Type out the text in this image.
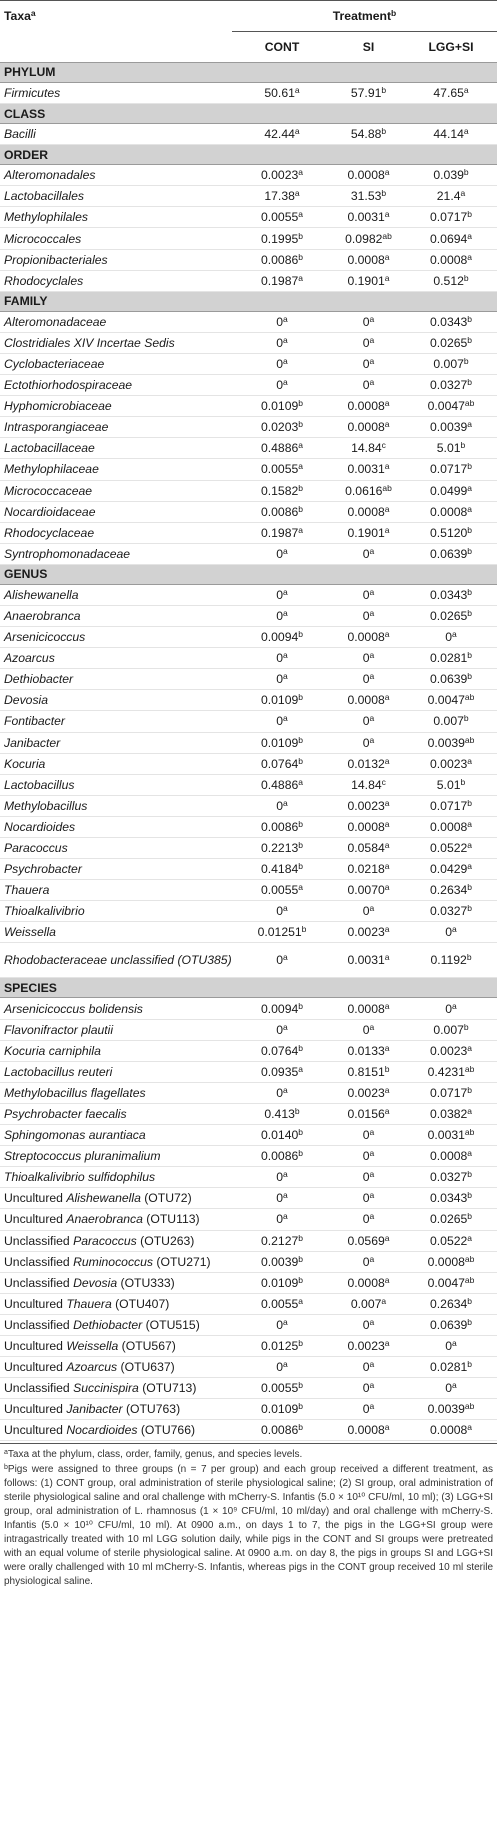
Taxa$^a$	Treatment$^b$
	CONT	SI	LGG+SI
PHYLUM			
Firmicutes	50.61$^a$	57.91$^b$	47.65$^a$
CLASS			
Bacilli	42.44$^a$	54.88$^b$	44.14$^a$
ORDER			
Alteromonadales	0.0023$^a$	0.0008$^a$	0.039$^b$
Lactobacillales	17.38$^a$	31.53$^b$	21.4$^a$
Methylophilales	0.0055$^a$	0.0031$^a$	0.0717$^b$
Micrococcales	0.1995$^b$	0.0982$^{ab}$	0.0694$^a$
Propionibacteriales	0.0086$^b$	0.0008$^a$	0.0008$^a$
Rhodocyclales	0.1987$^a$	0.1901$^a$	0.512$^b$
FAMILY			
Alteromonadaceae	0$^a$	0$^a$	0.0343$^b$
Clostridiales XIV Incertae Sedis	0$^a$	0$^a$	0.0265$^b$
Cyclobacteriaceae	0$^a$	0$^a$	0.007$^b$
Ectothiorhodospiraceae	0$^a$	0$^a$	0.0327$^b$
Hyphomicrobiaceae	0.0109$^b$	0.0008$^a$	0.0047$^{ab}$
Intrasporangiaceae	0.0203$^b$	0.0008$^a$	0.0039$^a$
Lactobacillaceae	0.4886$^a$	14.84$^c$	5.01$^b$
Methylophilaceae	0.0055$^a$	0.0031$^a$	0.0717$^b$
Micrococcaceae	0.1582$^b$	0.0616$^{ab}$	0.0499$^a$
Nocardioidaceae	0.0086$^b$	0.0008$^a$	0.0008$^a$
Rhodocyclaceae	0.1987$^a$	0.1901$^a$	0.5120$^b$
Syntrophomonadaceae	0$^a$	0$^a$	0.0639$^b$
GENUS			
Alishewanella	0$^a$	0$^a$	0.0343$^b$
Anaerobranca	0$^a$	0$^a$	0.0265$^b$
Arsenicicoccus	0.0094$^b$	0.0008$^a$	0$^a$
Azoarcus	0$^a$	0$^a$	0.0281$^b$
Dethiobacter	0$^a$	0$^a$	0.0639$^b$
Devosia	0.0109$^b$	0.0008$^a$	0.0047$^{ab}$
Fontibacter	0$^a$	0$^a$	0.007$^b$
Janibacter	0.0109$^b$	0$^a$	0.0039$^{ab}$
Kocuria	0.0764$^b$	0.0132$^a$	0.0023$^a$
Lactobacillus	0.4886$^a$	14.84$^c$	5.01$^b$
Methylobacillus	0$^a$	0.0023$^a$	0.0717$^b$
Nocardioides	0.0086$^b$	0.0008$^a$	0.0008$^a$
Paracoccus	0.2213$^b$	0.0584$^a$	0.0522$^a$
Psychrobacter	0.4184$^b$	0.0218$^a$	0.0429$^a$
Thauera	0.0055$^a$	0.0070$^a$	0.2634$^b$
Thioalkalivibrio	0$^a$	0$^a$	0.0327$^b$
Weissella	0.01251$^b$	0.0023$^a$	0$^a$
Rhodobacteraceae unclassified (OTU385)	0$^a$	0.0031$^a$	0.1192$^b$
SPECIES			
Arsenicicoccus bolidensis	0.0094$^b$	0.0008$^a$	0$^a$
Flavonifractor plautii	0$^a$	0$^a$	0.007$^b$
Kocuria carniphila	0.0764$^b$	0.0133$^a$	0.0023$^a$
Lactobacillus reuteri	0.0935$^a$	0.8151$^b$	0.4231$^{ab}$
Methylobacillus flagellates	0$^a$	0.0023$^a$	0.0717$^b$
Psychrobacter faecalis	0.413$^b$	0.0156$^a$	0.0382$^a$
Sphingomonas aurantiaca	0.0140$^b$	0$^a$	0.0031$^{ab}$
Streptococcus pluranimalium	0.0086$^b$	0$^a$	0.0008$^a$
Thioalkalivibrio sulfidophilus	0$^a$	0$^a$	0.0327$^b$
Uncultured Alishewanella (OTU72)	0$^a$	0$^a$	0.0343$^b$
Uncultured Anaerobranca (OTU113)	0$^a$	0$^a$	0.0265$^b$
Unclassified Paracoccus (OTU263)	0.2127$^b$	0.0569$^a$	0.0522$^a$
Unclassified Ruminococcus (OTU271)	0.0039$^b$	0$^a$	0.0008$^{ab}$
Unclassified Devosia (OTU333)	0.0109$^b$	0.0008$^a$	0.0047$^{ab}$
Uncultured Thauera (OTU407)	0.0055$^a$	0.007$^a$	0.2634$^b$
Unclassified Dethiobacter (OTU515)	0$^a$	0$^a$	0.0639$^b$
Uncultured Weissella (OTU567)	0.0125$^b$	0.0023$^a$	0$^a$
Uncultured Azoarcus (OTU637)	0$^a$	0$^a$	0.0281$^b$
Unclassified Succinispira (OTU713)	0.0055$^b$	0$^a$	0$^a$
Uncultured Janibacter (OTU763)	0.0109$^b$	0$^a$	0.0039$^{ab}$
Uncultured Nocardioides (OTU766)	0.0086$^b$	0.0008$^a$	0.0008$^a$

$^a$Taxa at the phylum, class, order, family, genus, and species levels.

$^b$Pigs were assigned to three groups (n = 7 per group) and each group received a different treatment, as follows: (1) CONT group, oral administration of sterile physiological saline; (2) SI group, oral administration of sterile physiological saline and oral challenge with mCherry-S. Infantis (5.0 × 10¹⁰ CFU/ml, 10 ml); (3) LGG+SI group, oral administration of L. rhamnosus (1 × 10⁹ CFU/ml, 10 ml/day) and oral challenge with mCherry-S. Infantis (5.0 × 10¹⁰ CFU/ml, 10 ml). At 0900 a.m., on days 1 to 7, the pigs in the LGG+SI group were intragastrically treated with 10 ml LGG solution daily, while pigs in the CONT and SI groups were pretreated with an equal volume of sterile physiological saline. At 0900 a.m. on day 8, the pigs in groups SI and LGG+SI were orally challenged with 10 ml mCherry-S. Infantis, whereas pigs in the CONT group received 10 ml sterile physiological saline.
